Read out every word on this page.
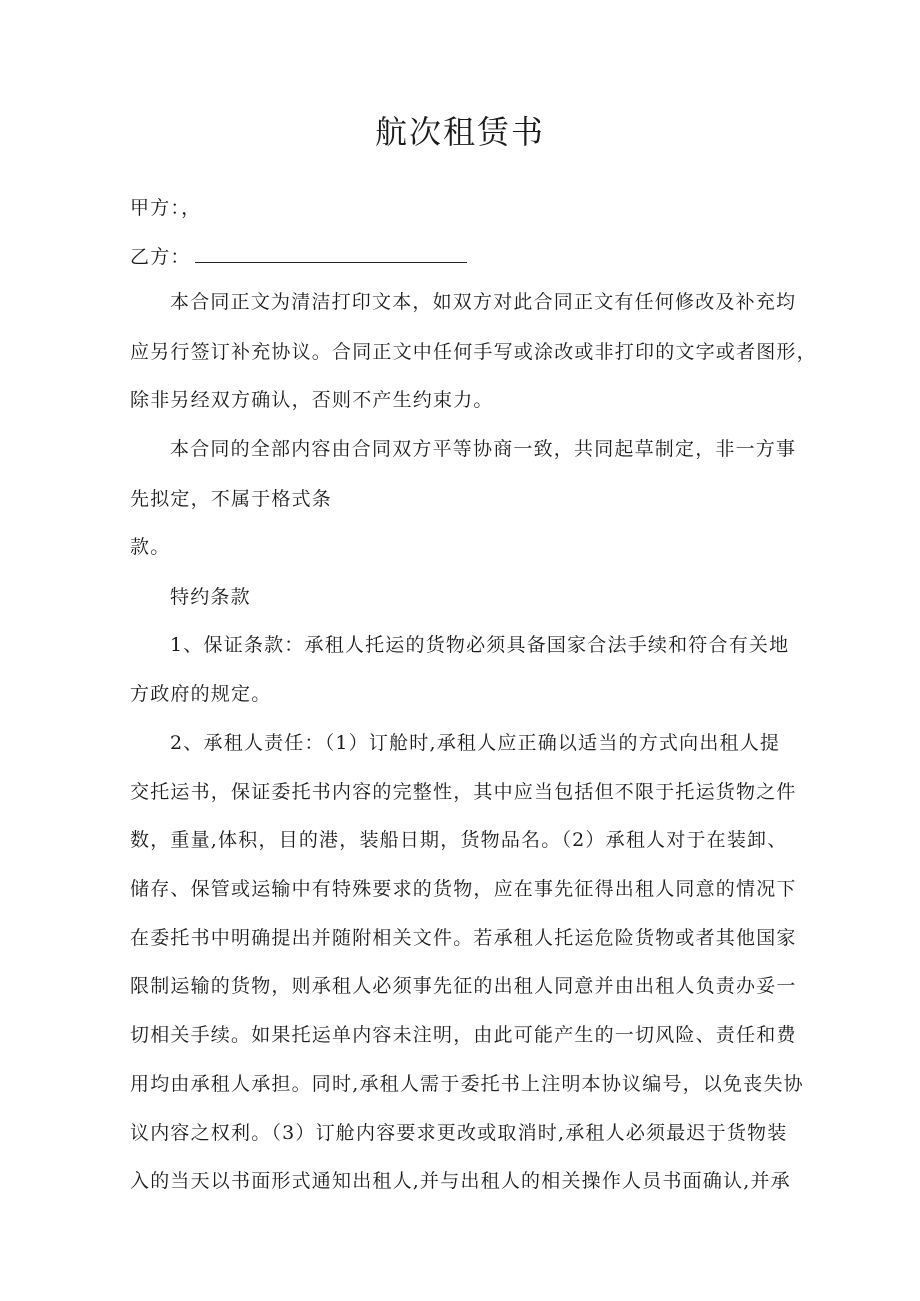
航次租赁书
甲方：，
乙方：
本合同正文为清洁打印文本，如双方对此合同正文有任何修改及补充均
应另行签订补充协议。合同正文中任何手写或涂改或非打印的文字或者图形，
除非另经双方确认，否则不产生约束力。
本合同的全部内容由合同双方平等协商一致，共同起草制定，非一方事
先拟定，不属于格式条
款。
特约条款
1、保证条款：承租人托运的货物必须具备国家合法手续和符合有关地
方政府的规定。
2、承租人责任：（1）订舱时,承租人应正确以适当的方式向出租人提
交托运书，保证委托书内容的完整性，其中应当包括但不限于托运货物之件
数，重量,体积，目的港，装船日期，货物品名。（2）承租人对于在装卸、
储存、保管或运输中有特殊要求的货物，应在事先征得出租人同意的情况下
在委托书中明确提出并随附相关文件。若承租人托运危险货物或者其他国家
限制运输的货物，则承租人必须事先征的出租人同意并由出租人负责办妥一
切相关手续。如果托运单内容未注明，由此可能产生的一切风险、责任和费
用均由承租人承担。同时,承租人需于委托书上注明本协议编号，以免丧失协
议内容之权利。（3）订舱内容要求更改或取消时,承租人必须最迟于货物装
入的当天以书面形式通知出租人,并与出租人的相关操作人员书面确认,并承
